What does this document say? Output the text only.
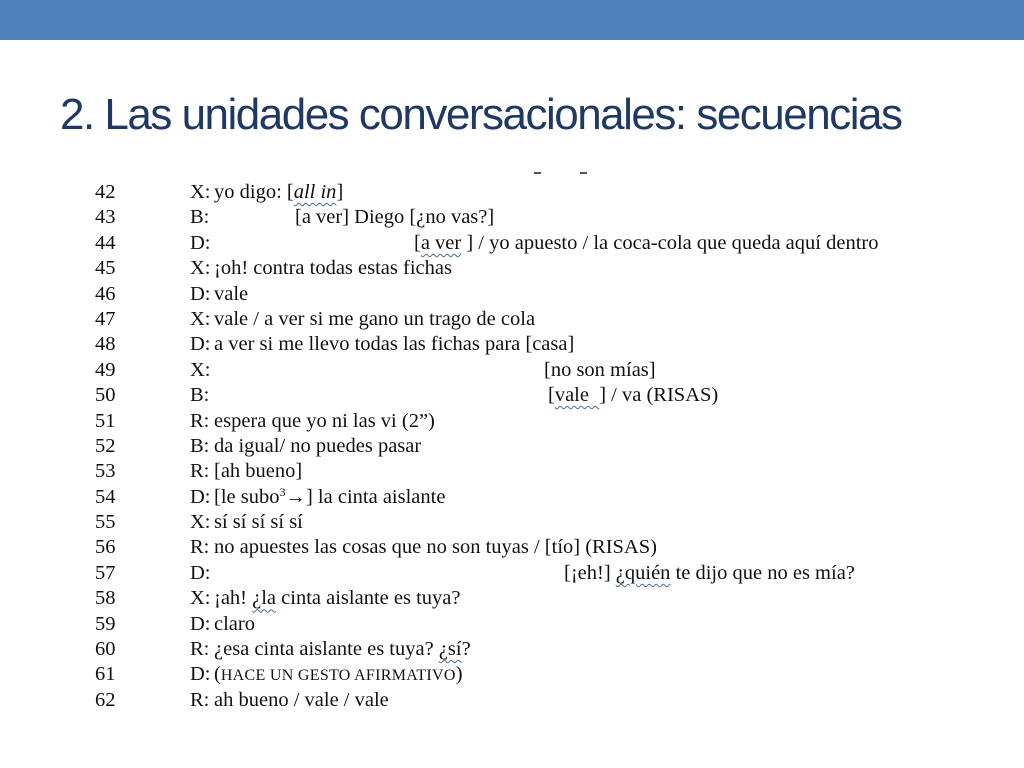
2. Las unidades conversacionales: secuencias
42	X: yo digo: [all in]
43	B:	[a ver] Diego [¿no vas?]
44	D:	[a ver ] / yo apuesto / la coca-cola que queda aquí dentro
45	X: ¡oh! contra todas estas fichas
46	D: vale
47	X: vale / a ver si me gano un trago de cola
48	D: a ver si me llevo todas las fichas para [casa]
49	X:	[no son mías]
50	B:	[vale  ] / va (RISAS)
51	R: espera que yo ni las vi (2”)
52	B: da igual/ no puedes pasar
53	R: [ah bueno]
54	D: [le subo$^3$→] la cinta aislante
55	X: sí sí sí sí sí
56	R: no apuestes las cosas que no son tuyas / [tío] (RISAS)
57	D:	[¡eh!] ¿quién te dijo que no es mía?
58	X: ¡ah! ¿la cinta aislante es tuya?
59	D: claro
60	R: ¿esa cinta aislante es tuya? ¿sí?
61	D: (HACE UN GESTO AFIRMATIVO)
62	R: ah bueno / vale / vale
